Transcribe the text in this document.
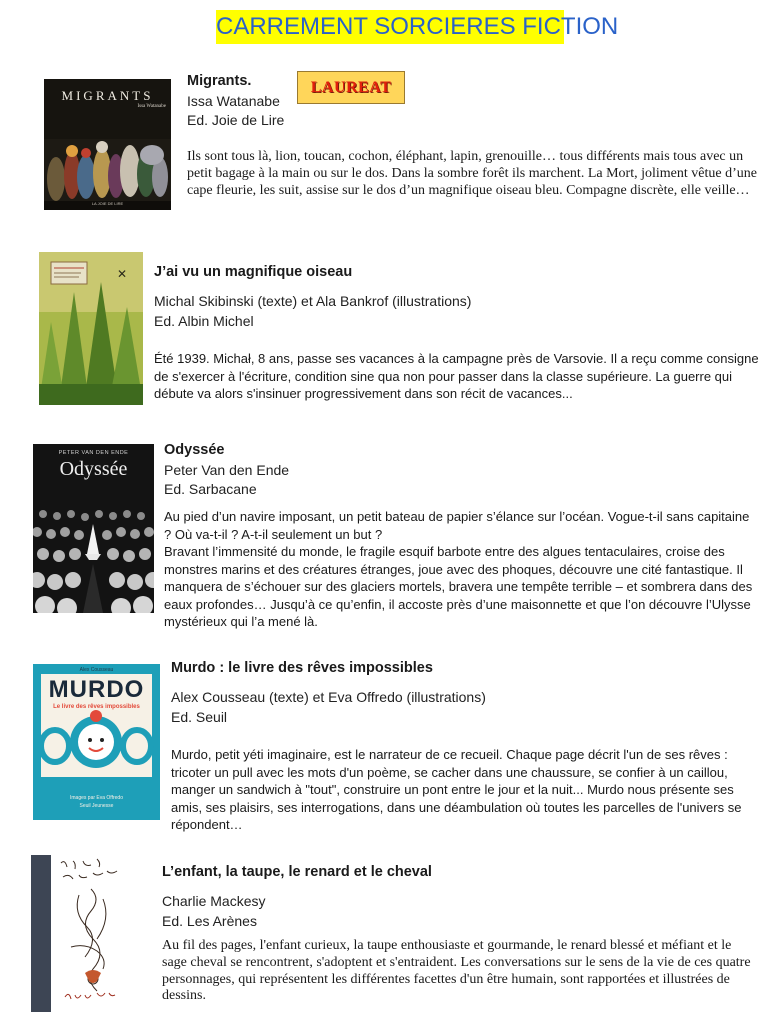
CARREMENT SORCIERES FICTION
MIGRANTS
Issa Watanabe
LA JOIE DE LIRE
Migrants.
Issa Watanabe
Ed. Joie de Lire
LAUREAT
Ils sont tous là, lion, toucan, cochon, éléphant, lapin, grenouille… tous différents mais tous avec un petit bagage à la main ou sur le dos. Dans la sombre forêt ils marchent. La Mort, joliment vêtue d’une cape fleurie, les suit, assise sur le dos d’un magnifique oiseau bleu. Compagne discrète, elle veille…
✕ J’ai vu un magnifique oiseau
Michal Skibinski (texte) et Ala Bankrof (illustrations)
Ed. Albin Michel
Été 1939. Michał, 8 ans, passe ses vacances à la campagne près de Varsovie. Il a reçu comme consigne de s'exercer à l'écriture, condition sine qua non pour passer dans la classe supérieure. La guerre qui débute va alors s'insinuer progressivement dans son récit de vacances...
PETER VAN DEN ENDE
Odyssée
Odyssée
Peter Van den Ende
Ed. Sarbacane

Au pied d’un navire imposant, un petit bateau de papier s’élance sur l’océan. Vogue-t-il sans capitaine ? Où va-t-il ? A-t-il seulement un but ?

Bravant l’immensité du monde, le fragile esquif barbote entre des algues tentaculaires, croise des monstres marins et des créatures étranges, joue avec des phoques, découvre une cité fantastique. Il manquera de s’échouer sur des glaciers mortels, bravera une tempête terrible – et sombrera dans des eaux profondes… Jusqu’à ce qu’enfin, il accoste près d’une maisonnette et que l’on découvre l’Ulysse mystérieux qui l’a mené là.

Alex Cousseau
MURDO
Le livre des rêves impossibles
Images par Eva Offredo
Seuil Jeunesse
Murdo : le livre des rêves impossibles
Alex Cousseau (texte) et Eva Offredo (illustrations)
Ed. Seuil
Murdo, petit yéti imaginaire, est le narrateur de ce recueil. Chaque page décrit l'un de ses rêves : tricoter un pull avec les mots d'un poème, se cacher dans une chaussure, se confier à un caillou, manger un sandwich à "tout", construire un pont entre le jour et la nuit... Murdo nous présente ses amis, ses plaisirs, ses interrogations, dans une déambulation où toutes les parcelles de l'univers se répondent…
L’enfant, la taupe, le renard et le cheval
Charlie Mackesy
Ed. Les Arènes
Au fil des pages, l'enfant curieux, la taupe enthousiaste et gourmande, le renard blessé et méfiant et le sage cheval se rencontrent, s'adoptent et s'entraident. Les conversations sur le sens de la vie de ces quatre personnages, qui représentent les différentes facettes d'un être humain, sont rapportées et illustrées de dessins.
